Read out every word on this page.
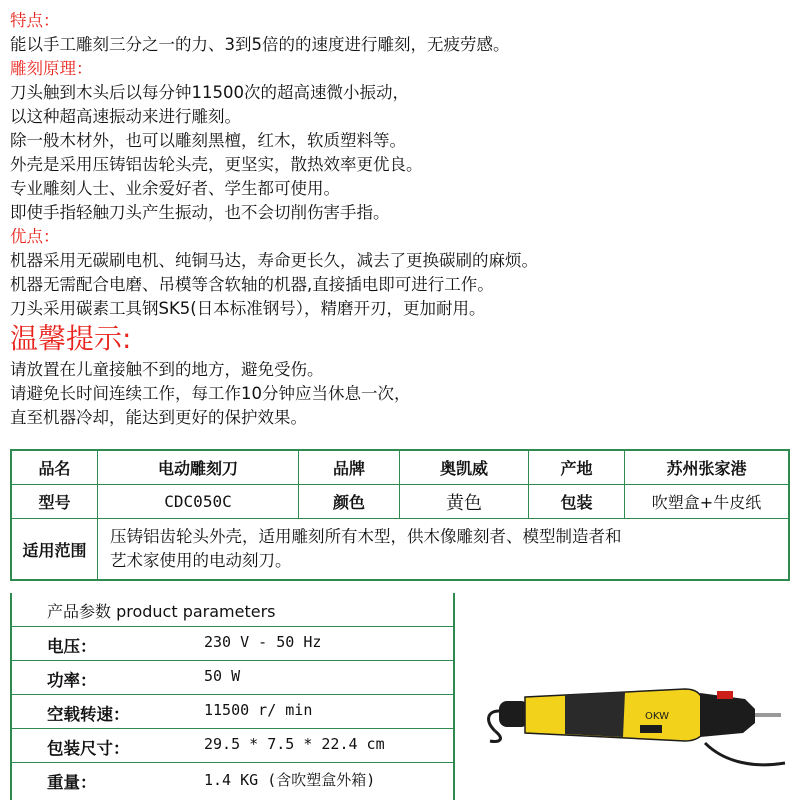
特点：
能以手工雕刻三分之一的力、3到5倍的的速度进行雕刻，无疲劳感。
雕刻原理：
刀头触到木头后以每分钟11500次的超高速微小振动，
以这种超高速振动来进行雕刻。
除一般木材外，也可以雕刻黑檀，红木，软质塑料等。
外壳是采用压铸铝齿轮头壳，更坚实，散热效率更优良。
专业雕刻人士、业余爱好者、学生都可使用。
即使手指轻触刀头产生振动，也不会切削伤害手指。
优点：
机器采用无碳刷电机、纯铜马达，寿命更长久，减去了更换碳刷的麻烦。
机器无需配合电磨、吊模等含软轴的机器,直接插电即可进行工作。
刀头采用碳素工具钢SK5(日本标准钢号），精磨开刃，更加耐用。
温馨提示:
请放置在儿童接触不到的地方，避免受伤。
请避免长时间连续工作，每工作10分钟应当休息一次，
直至机器冷却，能达到更好的保护效果。
品名	电动雕刻刀	品牌	奥凯威	产地	苏州张家港
型号	CDC050C	颜色	黄色	包装	吹塑盒+牛皮纸
适用范围	压铸铝齿轮头外壳，适用雕刻所有木型，供木像雕刻者、模型制造者和
艺术家使用的电动刻刀。				
产品参数 product parameters
电压：	230 V - 50 Hz
功率：	50 W
空载转速：	11500 r/ min
包装尺寸：	29.5 * 7.5 * 22.4 cm
重量：	1.4 KG (含吹塑盒外箱)
OKW
